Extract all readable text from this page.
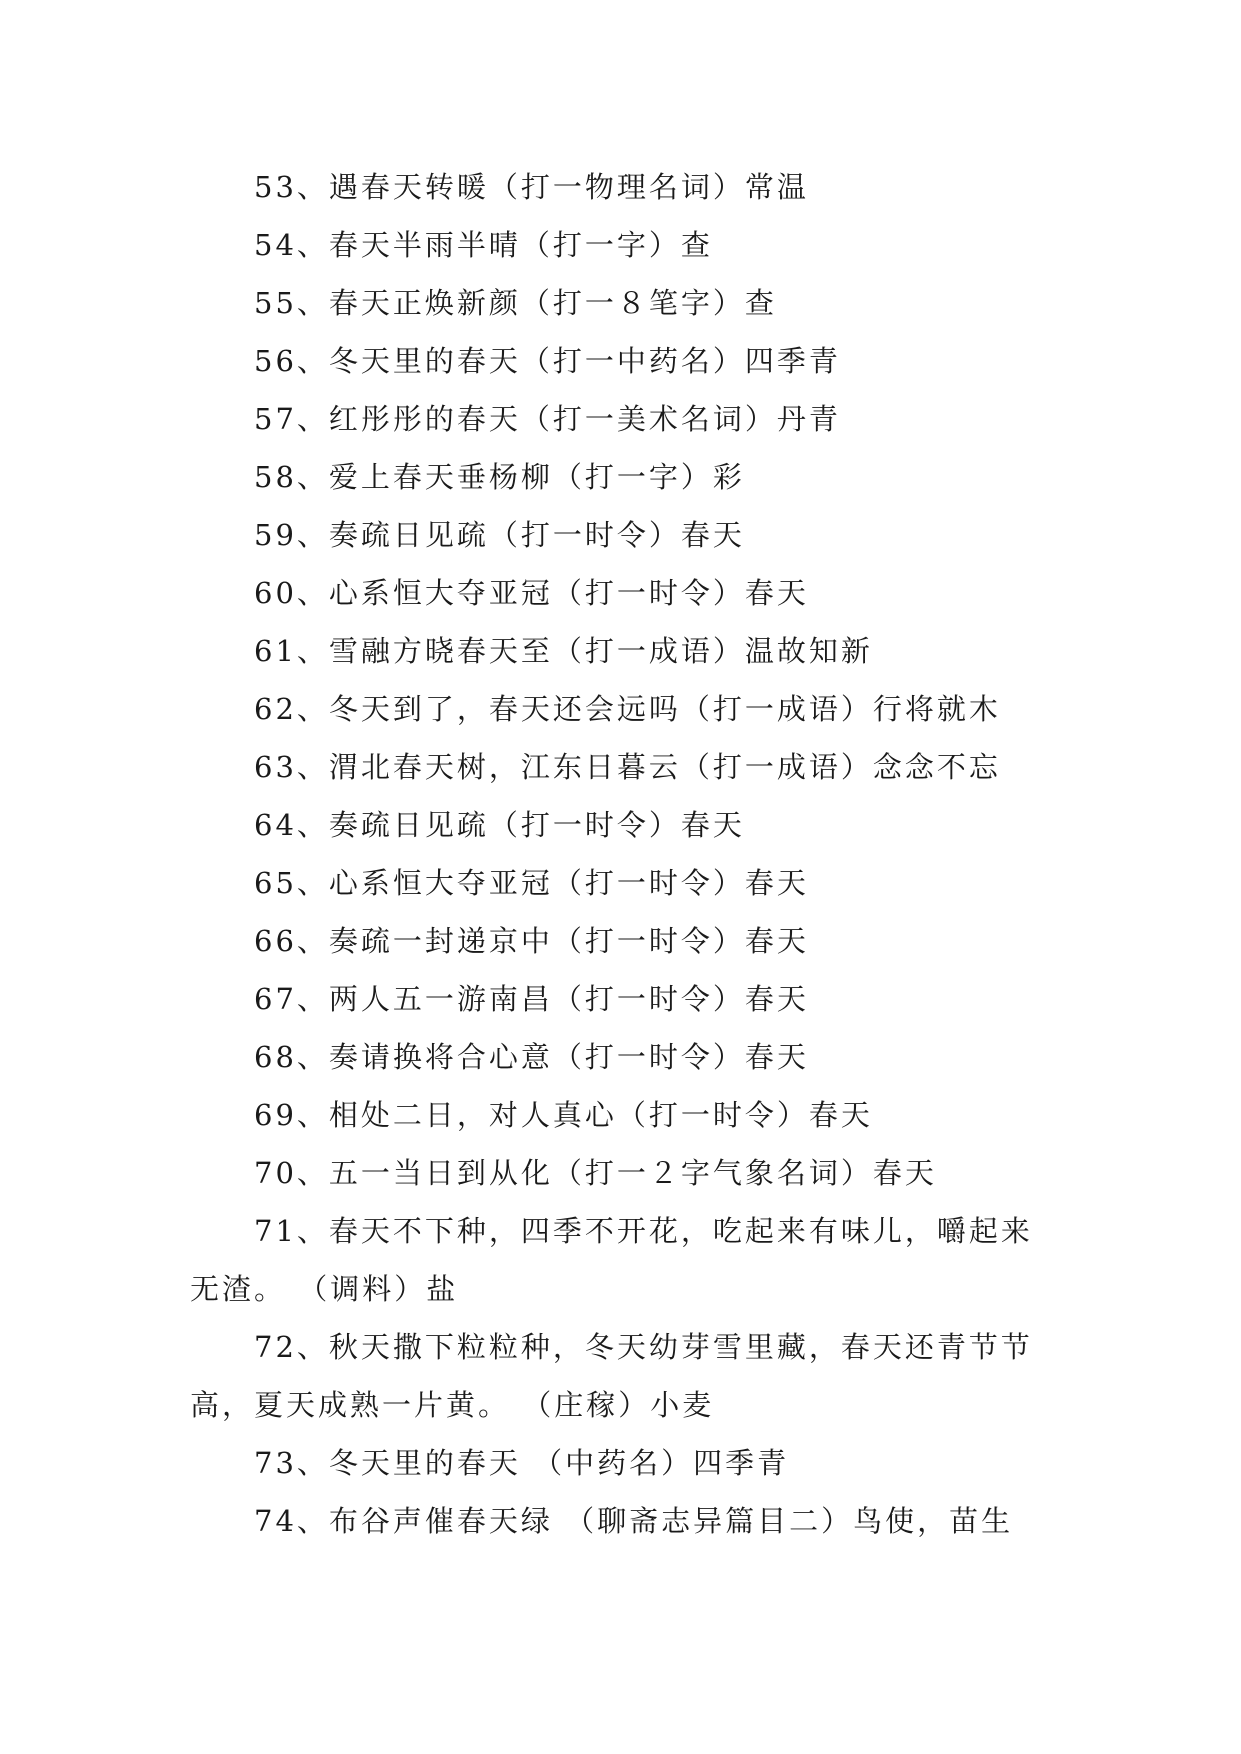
53、遇春天转暖（打一物理名词）常温
54、春天半雨半晴（打一字）查
55、春天正焕新颜（打一８笔字）查
56、冬天里的春天（打一中药名）四季青
57、红彤彤的春天（打一美术名词）丹青
58、爱上春天垂杨柳（打一字）彩
59、奏疏日见疏（打一时令）春天
60、心系恒大夺亚冠（打一时令）春天
61、雪融方晓春天至（打一成语）温故知新
62、冬天到了，春天还会远吗（打一成语）行将就木
63、渭北春天树，江东日暮云（打一成语）念念不忘
64、奏疏日见疏（打一时令）春天
65、心系恒大夺亚冠（打一时令）春天
66、奏疏一封递京中（打一时令）春天
67、两人五一游南昌（打一时令）春天
68、奏请换将合心意（打一时令）春天
69、相处二日，对人真心（打一时令）春天
70、五一当日到从化（打一２字气象名词）春天
71、春天不下种，四季不开花，吃起来有味儿，嚼起来
无渣。 （调料）盐
72、秋天撒下粒粒种，冬天幼芽雪里藏，春天还青节节
高，夏天成熟一片黄。 （庄稼）小麦
73、冬天里的春天 （中药名）四季青
74、布谷声催春天绿 （聊斋志异篇目二）鸟使，苗生
